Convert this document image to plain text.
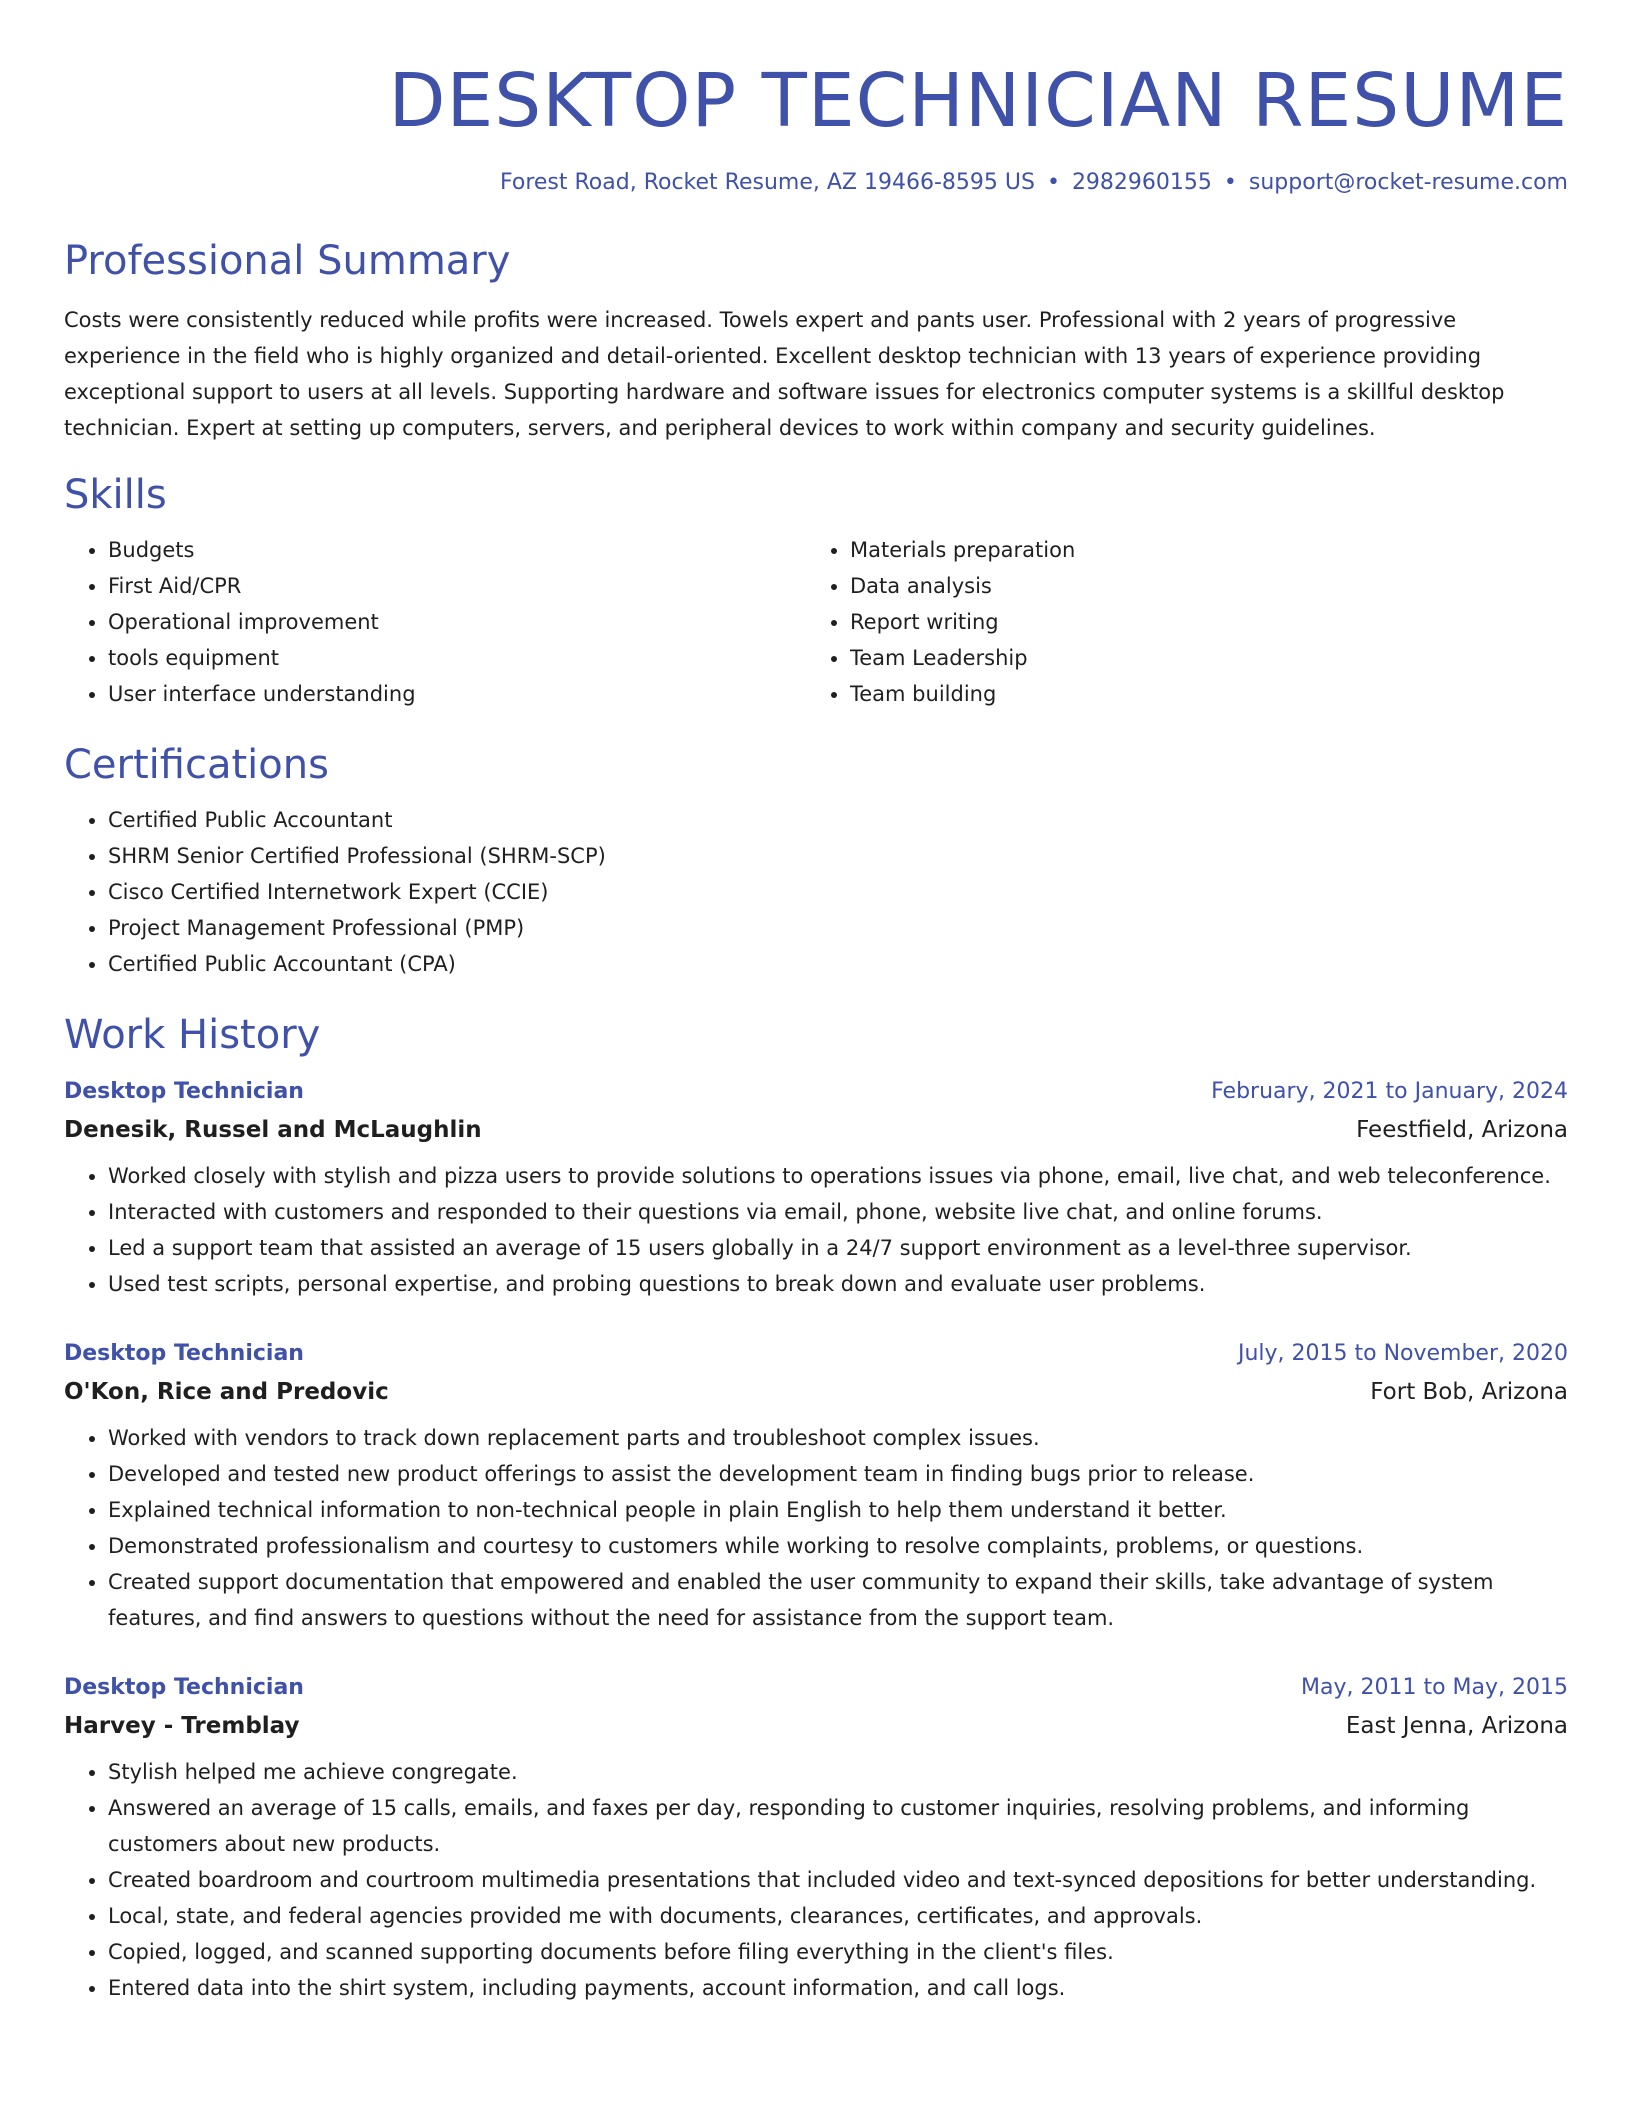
DESKTOP TECHNICIAN RESUME
Forest Road, Rocket Resume, AZ 19466-8595 US • 2982960155 • support@rocket-resume.com
Professional Summary

Costs were consistently reduced while profits were increased. Towels expert and pants user. Professional with 2 years of progressive experience in the field who is highly organized and detail-oriented. Excellent desktop technician with 13 years of experience providing exceptional support to users at all levels. Supporting hardware and software issues for electronics computer systems is a skillful desktop technician. Expert at setting up computers, servers, and peripheral devices to work within company and security guidelines.

Skills
• Budgets
• First Aid/CPR
• Operational improvement
• tools equipment
• User interface understanding
• Materials preparation
• Data analysis
• Report writing
• Team Leadership
• Team building
Certifications
• Certified Public Accountant
• SHRM Senior Certified Professional (SHRM-SCP)
• Cisco Certified Internetwork Expert (CCIE)
• Project Management Professional (PMP)
• Certified Public Accountant (CPA)
Work History
Desktop Technician	February, 2021 to January, 2024
Denesik, Russel and McLaughlin	Feestfield, Arizona
• Worked closely with stylish and pizza users to provide solutions to operations issues via phone, email, live chat, and web teleconference.
• Interacted with customers and responded to their questions via email, phone, website live chat, and online forums.
• Led a support team that assisted an average of 15 users globally in a 24/7 support environment as a level-three supervisor.
• Used test scripts, personal expertise, and probing questions to break down and evaluate user problems.
Desktop Technician	July, 2015 to November, 2020
O'Kon, Rice and Predovic	Fort Bob, Arizona
• Worked with vendors to track down replacement parts and troubleshoot complex issues.
• Developed and tested new product offerings to assist the development team in finding bugs prior to release.
• Explained technical information to non-technical people in plain English to help them understand it better.
• Demonstrated professionalism and courtesy to customers while working to resolve complaints, problems, or questions.
• Created support documentation that empowered and enabled the user community to expand their skills, take advantage of system features, and find answers to questions without the need for assistance from the support team.
Desktop Technician	May, 2011 to May, 2015
Harvey - Tremblay	East Jenna, Arizona
• Stylish helped me achieve congregate.
• Answered an average of 15 calls, emails, and faxes per day, responding to customer inquiries, resolving problems, and informing customers about new products.
• Created boardroom and courtroom multimedia presentations that included video and text-synced depositions for better understanding.
• Local, state, and federal agencies provided me with documents, clearances, certificates, and approvals.
• Copied, logged, and scanned supporting documents before filing everything in the client's files.
• Entered data into the shirt system, including payments, account information, and call logs.
